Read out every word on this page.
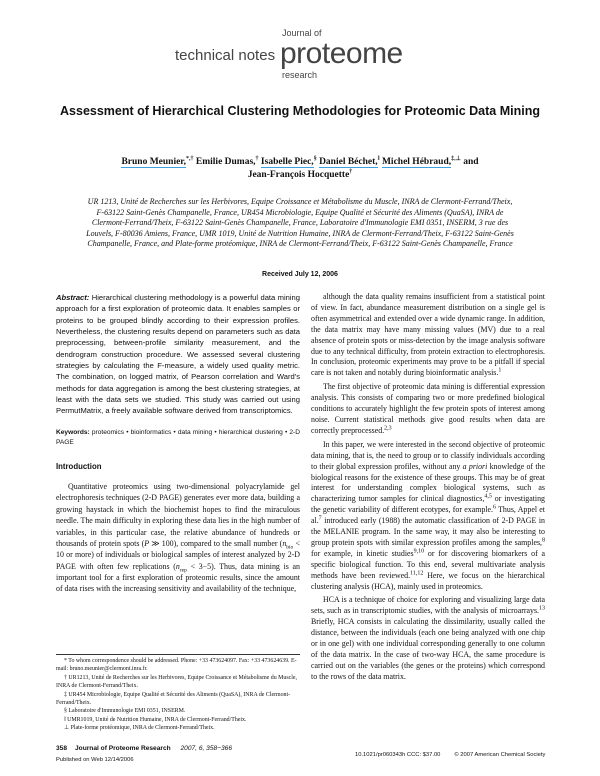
technical notes
Journal of
proteome
research
Assessment of Hierarchical Clustering Methodologies for Proteomic Data Mining
Bruno Meunier,*,† Emilie Dumas,† Isabelle Piec,§ Daniel Béchet,‖ Michel Hébraud,‡,⊥ and
Jean-François Hocquette†
UR 1213, Unité de Recherches sur les Herbivores, Equipe Croissance et Métabolisme du Muscle, INRA de Clermont-Ferrand/Theix, F-63122 Saint-Genès Champanelle, France, UR454 Microbiologie, Equipe Qualité et Sécurité des Aliments (QuaSA), INRA de Clermont-Ferrand/Theix, F-63122 Saint-Genès Champanelle, France, Laboratoire d'Immunologie EMI 0351, INSERM, 3 rue des Louvels, F-80036 Amiens, France, UMR 1019, Unité de Nutrition Humaine, INRA de Clermont-Ferrand/Theix, F-63122 Saint-Genès Champanelle, France, and Plate-forme protéomique, INRA de Clermont-Ferrand/Theix, F-63122 Saint-Genès Champanelle, France
Received July 12, 2006
Abstract: Hierarchical clustering methodology is a powerful data mining approach for a first exploration of proteomic data. It enables samples or proteins to be grouped blindly according to their expression profiles. Nevertheless, the clustering results depend on parameters such as data preprocessing, between-profile similarity measurement, and the dendrogram construction procedure. We assessed several clustering strategies by calculating the F-measure, a widely used quality metric. The combination, on logged matrix, of Pearson correlation and Ward's methods for data aggregation is among the best clustering strategies, at least with the data sets we studied. This study was carried out using PermutMatrix, a freely available software derived from transcriptomics.
Keywords: proteomics • bioinformatics • data mining • hierarchical clustering • 2-D PAGE
Introduction

Quantitative proteomics using two-dimensional polyacrylamide gel electrophoresis techniques (2-D PAGE) generates ever more data, building a growing haystack in which the biochemist hopes to find the miraculous needle. The main difficulty in exploring these data lies in the high number of variables, in this particular case, the relative abundance of hundreds or thousands of protein spots (P ≫ 100), compared to the small number ($n_{bio} < 10$ or more) of individuals or biological samples of interest analyzed by 2-D PAGE with often few replications $(n_{rep} < 3-5)$. Thus, data mining is an important tool for a first exploration of proteomic results, since the amount of data rises with the increasing sensitivity and availability of the technique,

although the data quality remains insufficient from a statistical point of view. In fact, abundance measurement distribution on a single gel is often asymmetrical and extended over a wide dynamic range. In addition, the data matrix may have many missing values (MV) due to a real absence of protein spots or miss-detection by the image analysis software due to any technical difficulty, from protein extraction to electrophoresis. In conclusion, proteomic experiments may prove to be a pitfall if special care is not taken and notably during bioinformatic analysis.$^1$

The first objective of proteomic data mining is differential expression analysis. This consists of comparing two or more predefined biological conditions to accurately highlight the few protein spots of interest among noise. Current statistical methods give good results when data are correctly preprocessed.$^{2,3}$

In this paper, we were interested in the second objective of proteomic data mining, that is, the need to group or to classify individuals according to their global expression profiles, without any a priori knowledge of the biological reasons for the existence of these groups. This may be of great interest for understanding complex biological systems, such as characterizing tumor samples for clinical diagnostics,$^{4,5}$ or investigating the genetic variability of different ecotypes, for example.$^6$ Thus, Appel et al.$^7$ introduced early (1988) the automatic classification of 2-D PAGE in the MELANIE program. In the same way, it may also be interesting to group protein spots with similar expression profiles among the samples,$^8$ for example, in kinetic studies$^{9,10}$ or for discovering biomarkers of a specific biological function. To this end, several multivariate analysis methods have been reviewed.$^{11,12}$ Here, we focus on the hierarchical clustering analysis (HCA), mainly used in proteomics.

HCA is a technique of choice for exploring and visualizing large data sets, such as in transcriptomic studies, with the analysis of microarrays.$^{13}$ Briefly, HCA consists in calculating the dissimilarity, usually called the distance, between the individuals (each one being analyzed with one chip or in one gel) with one individual corresponding generally to one column of the data matrix. In the case of two-way HCA, the same procedure is carried out on the variables (the genes or the proteins) which correspond to the rows of the data matrix.

* To whom correspondence should be addressed. Phone: +33 473624097. Fax: +33 473624639. E-mail: bruno.meunier@clermont.inra.fr.
† UR1213, Unité de Recherches sur les Herbivores, Equipe Croissance et Métabolisme du Muscle, INRA de Clermont-Ferrand/Theix.
‡ UR454 Microbiologie, Equipe Qualité et Sécurité des Aliments (QuaSA), INRA de Clermont-Ferrand/Theix.
§ Laboratoire d'Immunologie EMI 0351, INSERM.
‖ UMR1019, Unité de Nutrition Humaine, INRA de Clermont-Ferrand/Theix.
⊥ Plate-forme protéomique, INRA de Clermont-Ferrand/Theix.
358 Journal of Proteome Research 2007, 6, 358−366
Published on Web 12/14/2006
10.1021/pr060343h CCC: $37.00 © 2007 American Chemical Society
